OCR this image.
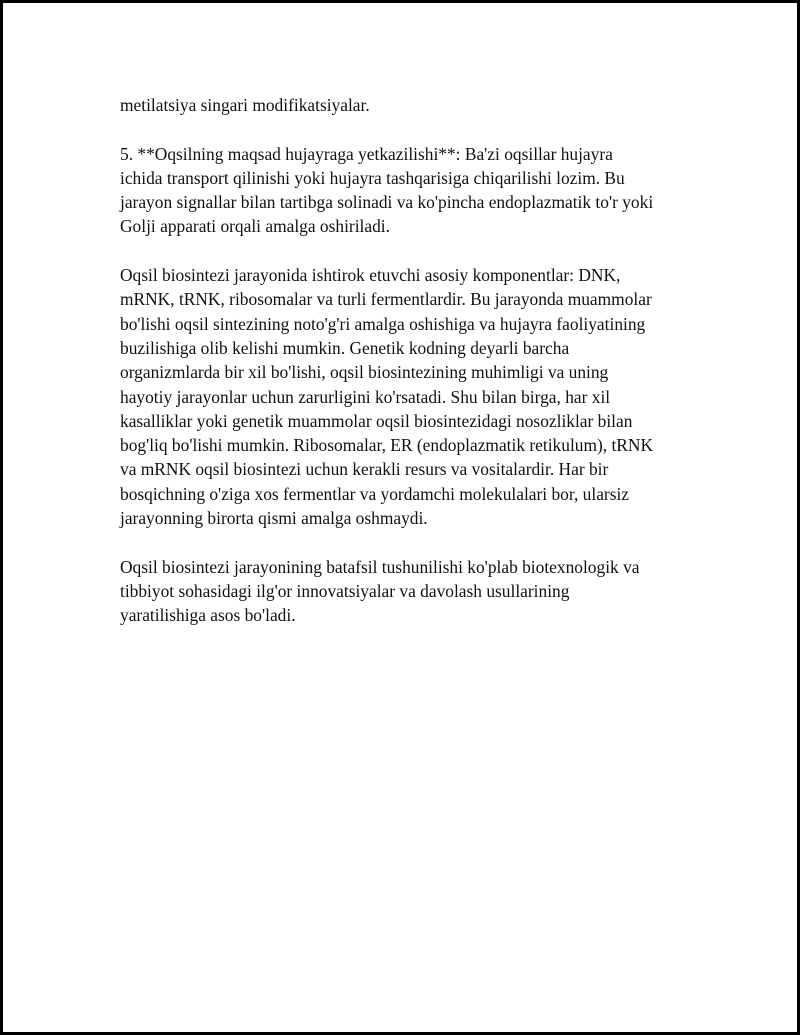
metilatsiya singari modifikatsiyalar.

5. **Oqsilning maqsad hujayraga yetkazilishi**: Ba'zi oqsillar hujayra
ichida transport qilinishi yoki hujayra tashqarisiga chiqarilishi lozim. Bu
jarayon signallar bilan tartibga solinadi va ko'pincha endoplazmatik to'r yoki
Golji apparati orqali amalga oshiriladi.

Oqsil biosintezi jarayonida ishtirok etuvchi asosiy komponentlar: DNK,
mRNK, tRNK, ribosomalar va turli fermentlardir. Bu jarayonda muammolar
bo'lishi oqsil sintezining noto'g'ri amalga oshishiga va hujayra faoliyatining
buzilishiga olib kelishi mumkin. Genetik kodning deyarli barcha
organizmlarda bir xil bo'lishi, oqsil biosintezining muhimligi va uning
hayotiy jarayonlar uchun zarurligini ko'rsatadi. Shu bilan birga, har xil
kasalliklar yoki genetik muammolar oqsil biosintezidagi nosozliklar bilan
bog'liq bo'lishi mumkin. Ribosomalar, ER (endoplazmatik retikulum), tRNK
va mRNK oqsil biosintezi uchun kerakli resurs va vositalardir. Har bir
bosqichning o'ziga xos fermentlar va yordamchi molekulalari bor, ularsiz
jarayonning birorta qismi amalga oshmaydi.

Oqsil biosintezi jarayonining batafsil tushunilishi ko'plab biotexnologik va
tibbiyot sohasidagi ilg'or innovatsiyalar va davolash usullarining
yaratilishiga asos bo'ladi.
